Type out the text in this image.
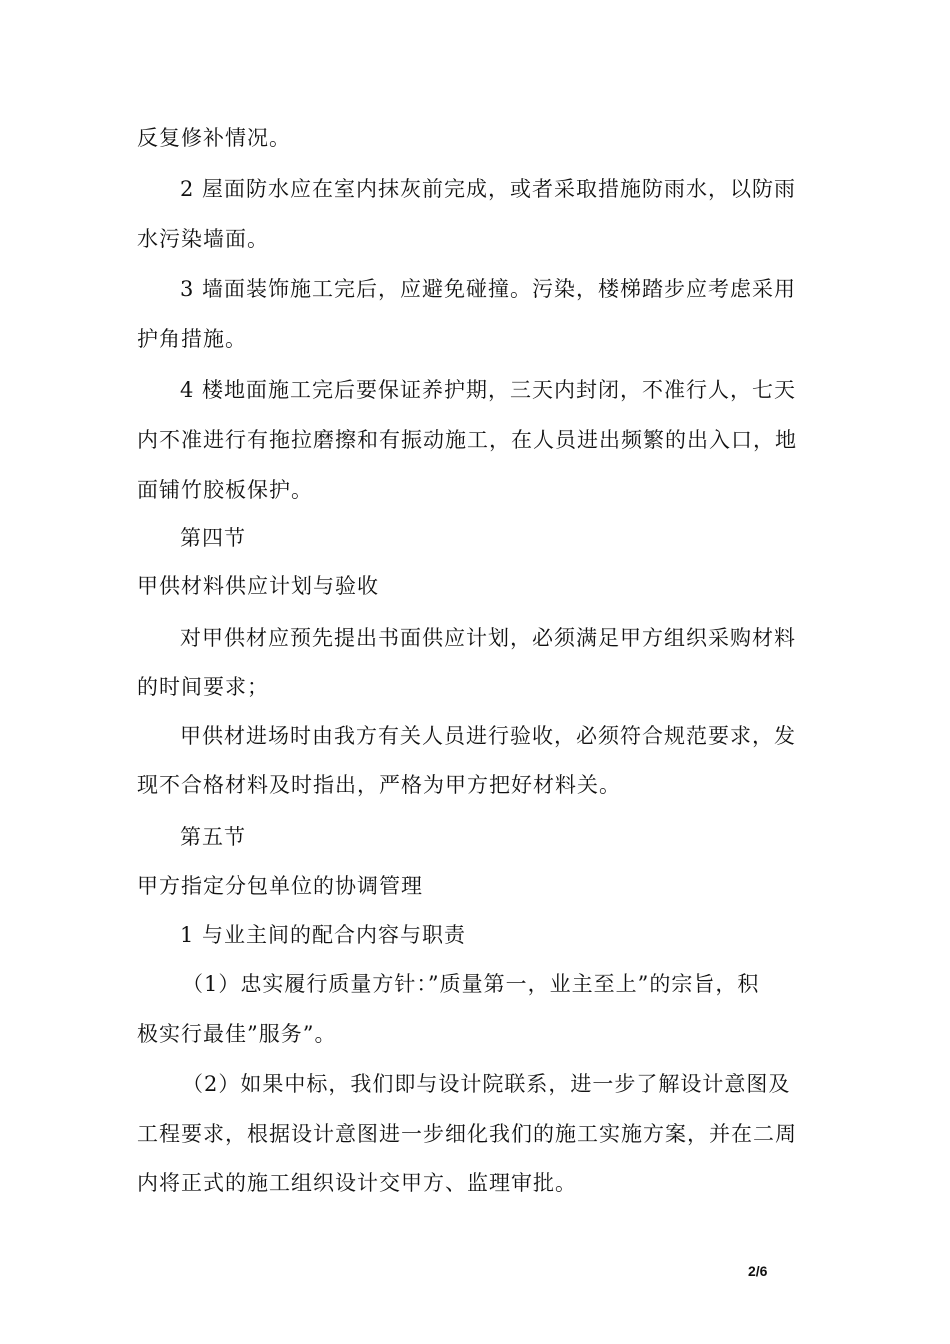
反复修补情况。
2 屋面防水应在室内抹灰前完成，或者采取措施防雨水，以防雨
水污染墙面。
3 墙面装饰施工完后，应避免碰撞。污染，楼梯踏步应考虑采用
护角措施。
4 楼地面施工完后要保证养护期，三天内封闭，不准行人，七天
内不准进行有拖拉磨擦和有振动施工，在人员进出频繁的出入口，地
面铺竹胶板保护。
第四节
甲供材料供应计划与验收
对甲供材应预先提出书面供应计划，必须满足甲方组织采购材料
的时间要求；
甲供材进场时由我方有关人员进行验收，必须符合规范要求，发
现不合格材料及时指出，严格为甲方把好材料关。
第五节
甲方指定分包单位的协调管理
1 与业主间的配合内容与职责
（1）忠实履行质量方针：”质量第一，业主至上”的宗旨，积
极实行最佳”服务”。
（2）如果中标，我们即与设计院联系，进一步了解设计意图及
工程要求，根据设计意图进一步细化我们的施工实施方案，并在二周
内将正式的施工组织设计交甲方、监理审批。
2/6
